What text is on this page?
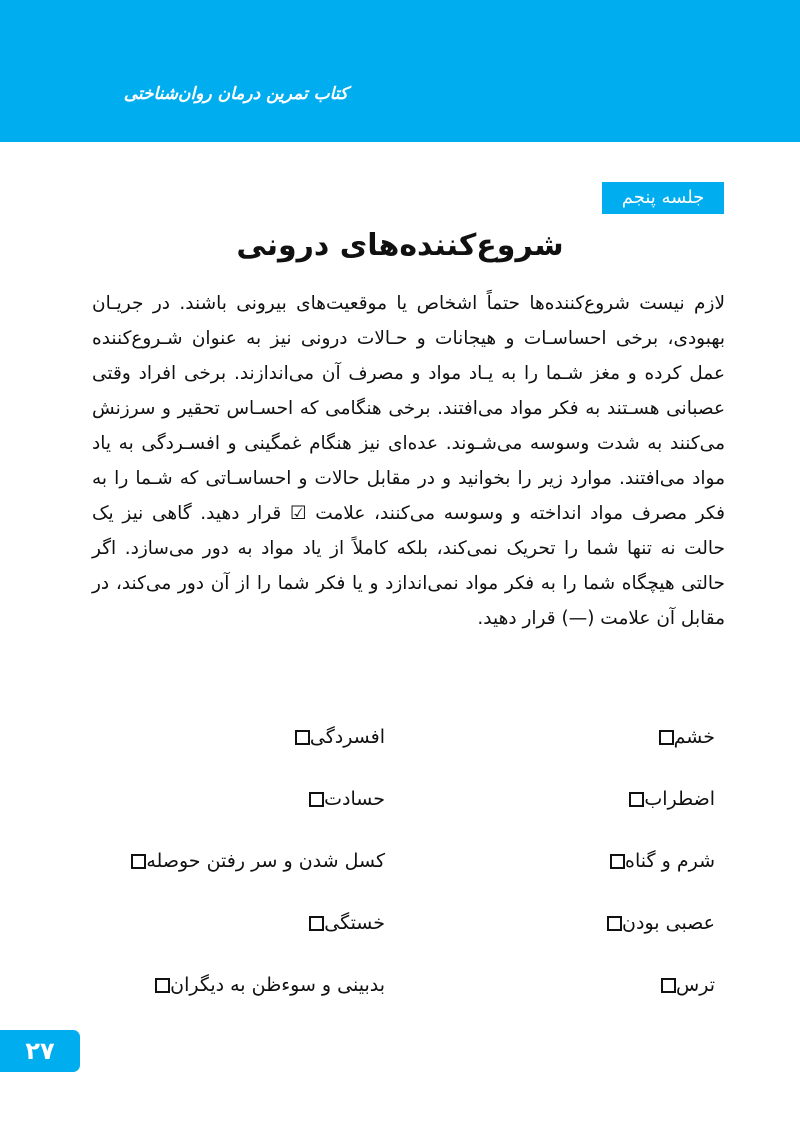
کتاب تمرین درمان روان‌شناختی
جلسه پنجم
شروع‌کننده‌های درونی

لازم نیست شروع‌کننده‌ها حتماً اشخاص یا موقعیت‌های بیرونی باشند. در جریـان بهبودی، برخی احساسـات و هیجانات و حـالات درونی نیز به عنوان شـروع‌کننده عمل کرده و مغز شـما را به یـاد مواد و مصرف آن می‌اندازند. برخی افراد وقتی عصبانی هسـتند به فکر مواد می‌افتند. برخی هنگامی که احسـاس تحقیر و سرزنش می‌کنند به شدت وسوسه می‌شـوند. عده‌ای نیز هنگام غمگینی و افسـردگی به یاد مواد می‌افتند. موارد زیر را بخوانید و در مقابل حالات و احساسـاتی که شـما را به فکر مصرف مواد انداخته و وسوسه می‌کنند، علامت ☑ قرار دهید. گاهی نیز یک حالت نه تنها شما را تحریک نمی‌کند، بلکه کاملاً از یاد مواد به دور می‌سازد. اگر حالتی هیچگاه شما را به فکر مواد نمی‌اندازد و یا فکر شما را از آن دور می‌کند، در مقابل آن علامت (—) قرار دهید.

خشم
افسردگی
اضطراب
حسادت
شرم و گناه
کسل شدن و سر رفتن حوصله
عصبی بودن
خستگی
ترس
بدبینی و سوءظن به دیگران
۲۷
